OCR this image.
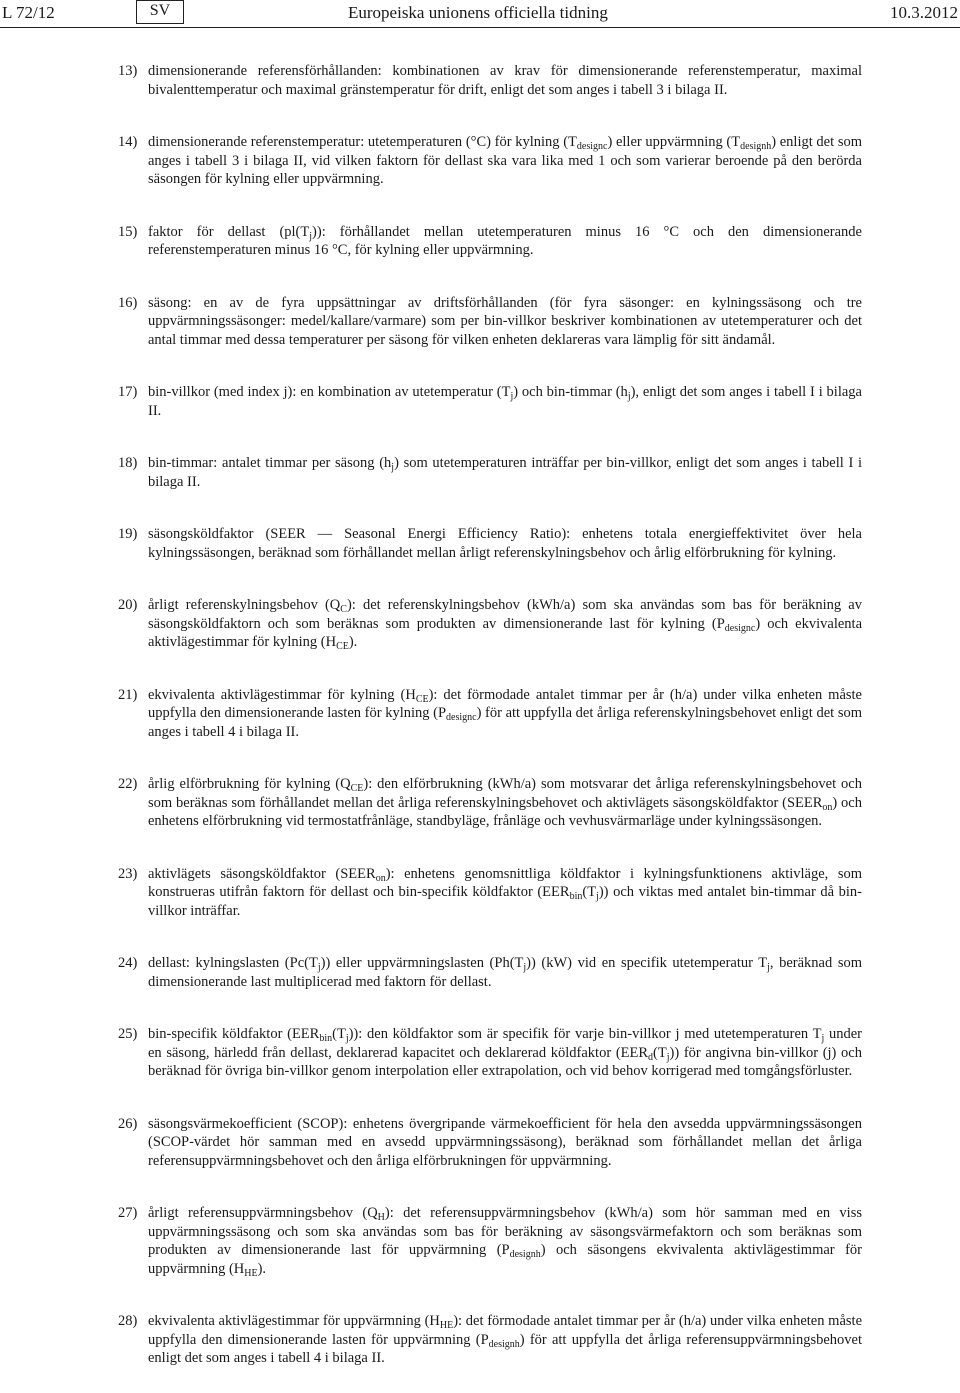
L 72/12	SV	Europeiska unionens officiella tidning	10.3.2012
13) dimensionerande referensförhållanden: kombinationen av krav för dimensionerande referenstemperatur, maximal bivalenttemperatur och maximal gränstemperatur för drift, enligt det som anges i tabell 3 i bilaga II.
14) dimensionerande referenstemperatur: utetemperaturen (°C) för kylning $(T_{designc})$ eller uppvärmning $(T_{designh})$ enligt det som anges i tabell 3 i bilaga II, vid vilken faktorn för dellast ska vara lika med 1 och som varierar beroende på den berörda säsongen för kylning eller uppvärmning.
15) faktor för dellast $(pl(T_j))$: förhållandet mellan utetemperaturen minus 16 °C och den dimensionerande referenstemperaturen minus 16 °C, för kylning eller uppvärmning.
16) säsong: en av de fyra uppsättningar av driftsförhållanden (för fyra säsonger: en kylningssäsong och tre uppvärmningssäsonger: medel/kallare/varmare) som per bin-villkor beskriver kombinationen av utetemperaturer och det antal timmar med dessa temperaturer per säsong för vilken enheten deklareras vara lämplig för sitt ändamål.
17) bin-villkor (med index j): en kombination av utetemperatur $(T_j)$ och bin-timmar $(h_j)$, enligt det som anges i tabell I i bilaga II.
18) bin-timmar: antalet timmar per säsong $(h_j)$ som utetemperaturen inträffar per bin-villkor, enligt det som anges i tabell I i bilaga II.
19) säsongsköldfaktor (SEER — Seasonal Energi Efficiency Ratio): enhetens totala energieffektivitet över hela kylningssäsongen, beräknad som förhållandet mellan årligt referenskylningsbehov och årlig elförbrukning för kylning.
20) årligt referenskylningsbehov $(Q_C)$: det referenskylningsbehov (kWh/a) som ska användas som bas för beräkning av säsongsköldfaktorn och som beräknas som produkten av dimensionerande last för kylning $(P_{designc})$ och ekvivalenta aktivlägestimmar för kylning $(H_{CE})$.
21) ekvivalenta aktivlägestimmar för kylning $(H_{CE})$: det förmodade antalet timmar per år (h/a) under vilka enheten måste uppfylla den dimensionerande lasten för kylning $(P_{designc})$ för att uppfylla det årliga referenskylningsbehovet enligt det som anges i tabell 4 i bilaga II.
22) årlig elförbrukning för kylning $(Q_{CE})$: den elförbrukning (kWh/a) som motsvarar det årliga referenskylningsbehovet och som beräknas som förhållandet mellan det årliga referenskylningsbehovet och aktivlägets säsongsköldfaktor $(SEER_{on})$ och enhetens elförbrukning vid termostatfrånläge, standbyläge, frånläge och vevhusvärmarläge under kylningssäsongen.
23) aktivlägets säsongsköldfaktor $(SEER_{on})$: enhetens genomsnittliga köldfaktor i kylningsfunktionens aktivläge, som konstrueras utifrån faktorn för dellast och bin-specifik köldfaktor $(EER_{bin}(T_j))$ och viktas med antalet bin-timmar då bin-villkor inträffar.
24) dellast: kylningslasten $(Pc(T_j))$ eller uppvärmningslasten $(Ph(T_j))$ (kW) vid en specifik utetemperatur $T_j$, beräknad som dimensionerande last multiplicerad med faktorn för dellast.
25) bin-specifik köldfaktor $(EER_{bin}(T_j))$: den köldfaktor som är specifik för varje bin-villkor j med utetemperaturen $T_j$ under en säsong, härledd från dellast, deklarerad kapacitet och deklarerad köldfaktor $(EER_d(T_j))$ för angivna bin-villkor (j) och beräknad för övriga bin-villkor genom interpolation eller extrapolation, och vid behov korrigerad med tomgångsförluster.
26) säsongsvärmekoefficient (SCOP): enhetens övergripande värmekoefficient för hela den avsedda uppvärmningssäsongen (SCOP-värdet hör samman med en avsedd uppvärmningssäsong), beräknad som förhållandet mellan det årliga referensuppvärmningsbehovet och den årliga elförbrukningen för uppvärmning.
27) årligt referensuppvärmningsbehov $(Q_H)$: det referensuppvärmningsbehov (kWh/a) som hör samman med en viss uppvärmningssäsong och som ska användas som bas för beräkning av säsongsvärmefaktorn och som beräknas som produkten av dimensionerande last för uppvärmning $(P_{designh})$ och säsongens ekvivalenta aktivlägestimmar för uppvärmning $(H_{HE})$.
28) ekvivalenta aktivlägestimmar för uppvärmning $(H_{HE})$: det förmodade antalet timmar per år (h/a) under vilka enheten måste uppfylla den dimensionerande lasten för uppvärmning $(P_{designh})$ för att uppfylla det årliga referensuppvärmningsbehovet enligt det som anges i tabell 4 i bilaga II.
